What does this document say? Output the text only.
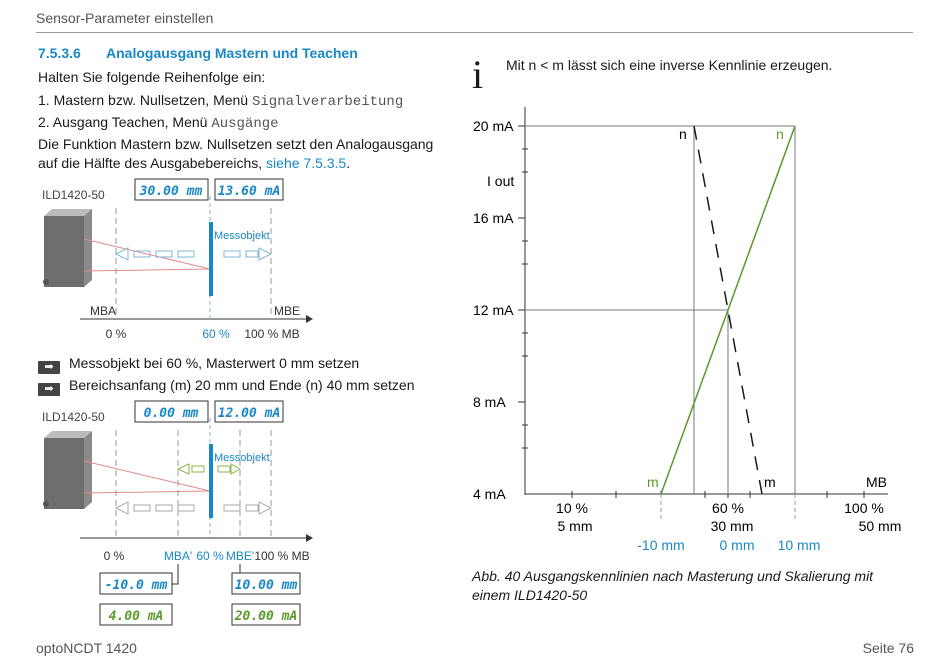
Sensor-Parameter einstellen
7.5.3.6 Analogausgang Mastern und Teachen
Halten Sie folgende Reihenfolge ein:
1. Mastern bzw. Nullsetzen, Menü Signalverarbeitung
2. Ausgang Teachen, Menü Ausgänge
Die Funktion Mastern bzw. Nullsetzen setzt den Analogausgang
auf die Hälfte des Ausgabebereichs, siehe 7.5.3.5.
ILD1420-50	30.00 mm 13.60 mA
Messobjekt
MBA	MBE
0 %	60 % 100 % MB
➡ Messobjekt bei 60 %, Masterwert 0 mm setzen
➡ Bereichsanfang (m) 20 mm und Ende (n) 40 mm setzen
ILD1420-50	0.00 mm 12.00 mA
Messobjekt
0 %	MBA' 60 % MBE' 100 % MB
-10.0 mm
4.00 mA
10.00 mm
20.00 mA
i Mit n < m lässt sich eine inverse Kennlinie erzeugen.
20 mA
I out
16 mA
12 mA
8 mA
4 mA
MB
n	n
m	m
10 %	60 %	100 %
5 mm	30 mm	50 mm
-10 mm 0 mm 10 mm
Abb. 40 Ausgangskennlinien nach Masterung und Skalierung mit
einem ILD1420-50
optoNCDT 1420	Seite 76
